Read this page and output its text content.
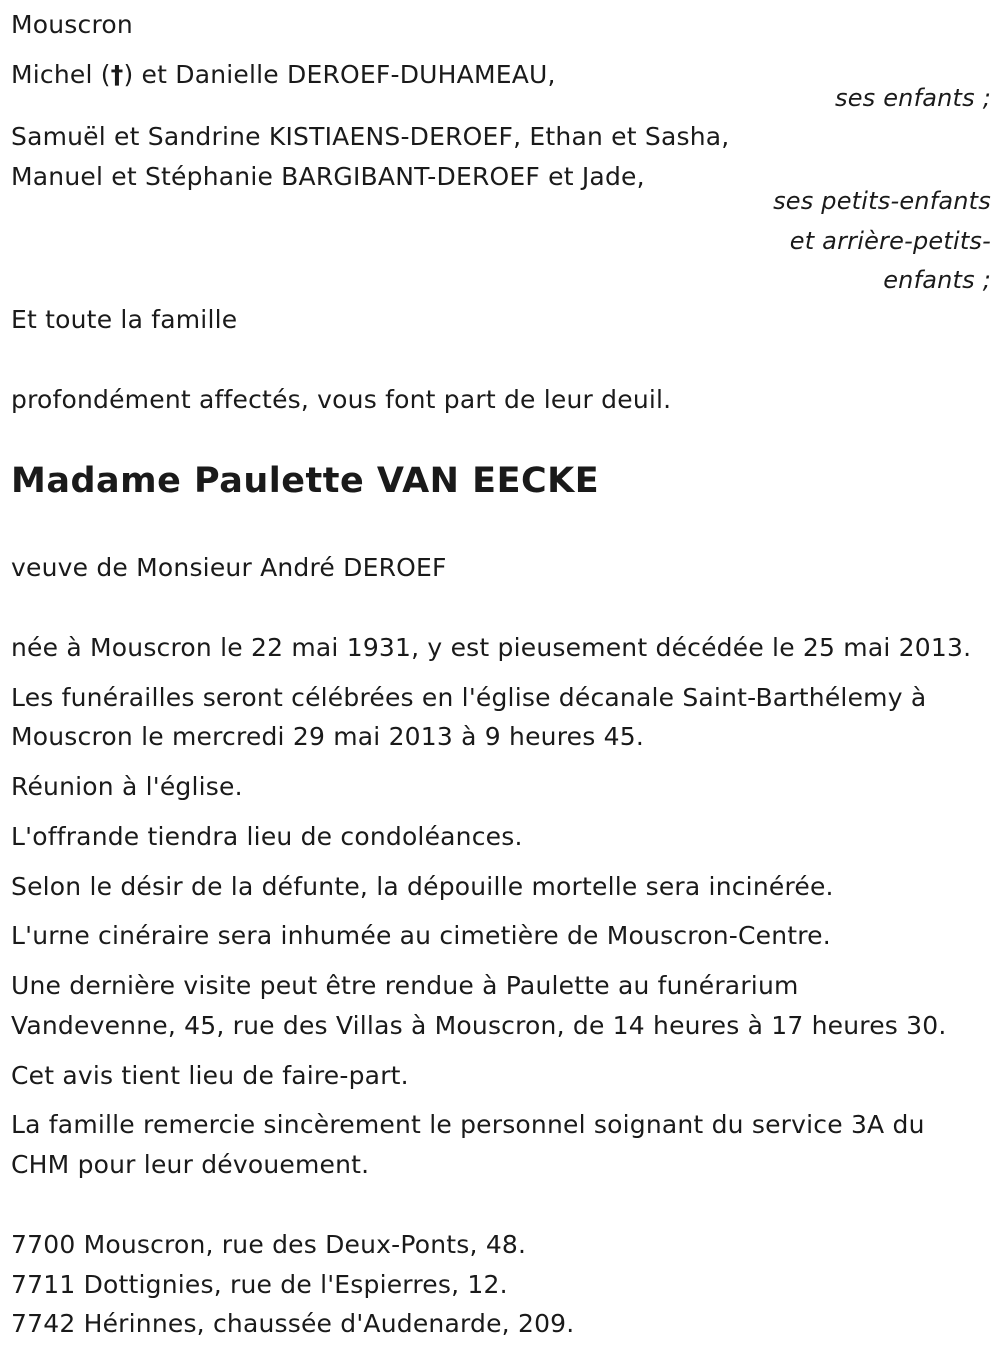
Mouscron
Michel (†) et Danielle DEROEF-DUHAMEAU,
ses enfants ;
Samuël et Sandrine KISTIAENS-DEROEF, Ethan et Sasha,
Manuel et Stéphanie BARGIBANT-DEROEF et Jade,
ses petits-enfants
et arrière-petits-
enfants ;
Et toute la famille
profondément affectés, vous font part de leur deuil.
Madame Paulette VAN EECKE
veuve de Monsieur André DEROEF
née à Mouscron le 22 mai 1931, y est pieusement décédée le 25 mai 2013.
Les funérailles seront célébrées en l'église décanale Saint-Barthélemy à
Mouscron le mercredi 29 mai 2013 à 9 heures 45.
Réunion à l'église.
L'offrande tiendra lieu de condoléances.
Selon le désir de la défunte, la dépouille mortelle sera incinérée.
L'urne cinéraire sera inhumée au cimetière de Mouscron-Centre.
Une dernière visite peut être rendue à Paulette au funérarium
Vandevenne, 45, rue des Villas à Mouscron, de 14 heures à 17 heures 30.
Cet avis tient lieu de faire-part.
La famille remercie sincèrement le personnel soignant du service 3A du
CHM pour leur dévouement.
7700 Mouscron, rue des Deux-Ponts, 48.
7711 Dottignies, rue de l'Espierres, 12.
7742 Hérinnes, chaussée d'Audenarde, 209.
